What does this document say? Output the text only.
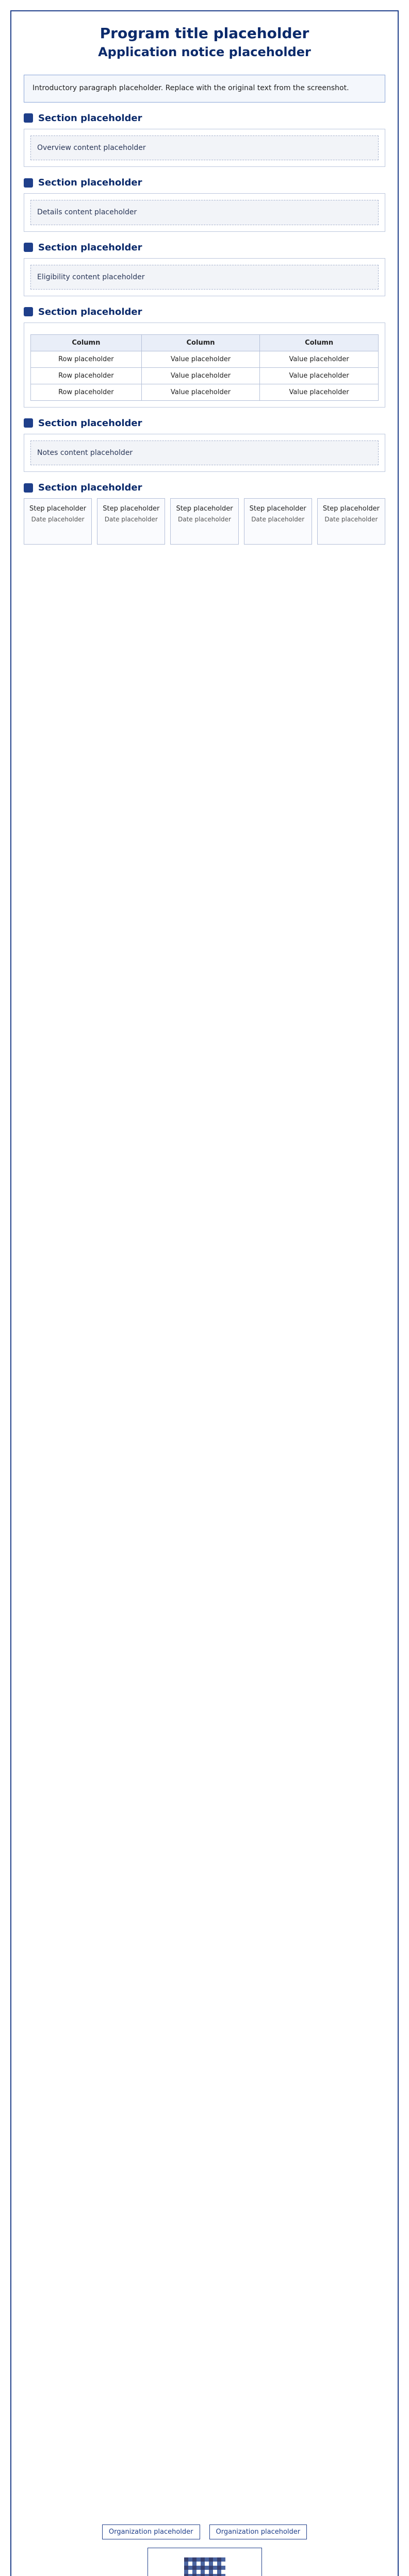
Program title placeholder
Application notice placeholder
Introductory paragraph placeholder. Replace with the original text from the screenshot.
Section placeholder
Overview content placeholder
Section placeholder
Details content placeholder
Section placeholder
Eligibility content placeholder
Section placeholder
Column	Column	Column
Row placeholder	Value placeholder	Value placeholder
Row placeholder	Value placeholder	Value placeholder
Row placeholder	Value placeholder	Value placeholder
Section placeholder
Notes content placeholder
Section placeholder
Step placeholder
Date placeholder
Step placeholder
Date placeholder
Step placeholder
Date placeholder
Step placeholder
Date placeholder
Step placeholder
Date placeholder
Organization placeholder	Organization placeholder
